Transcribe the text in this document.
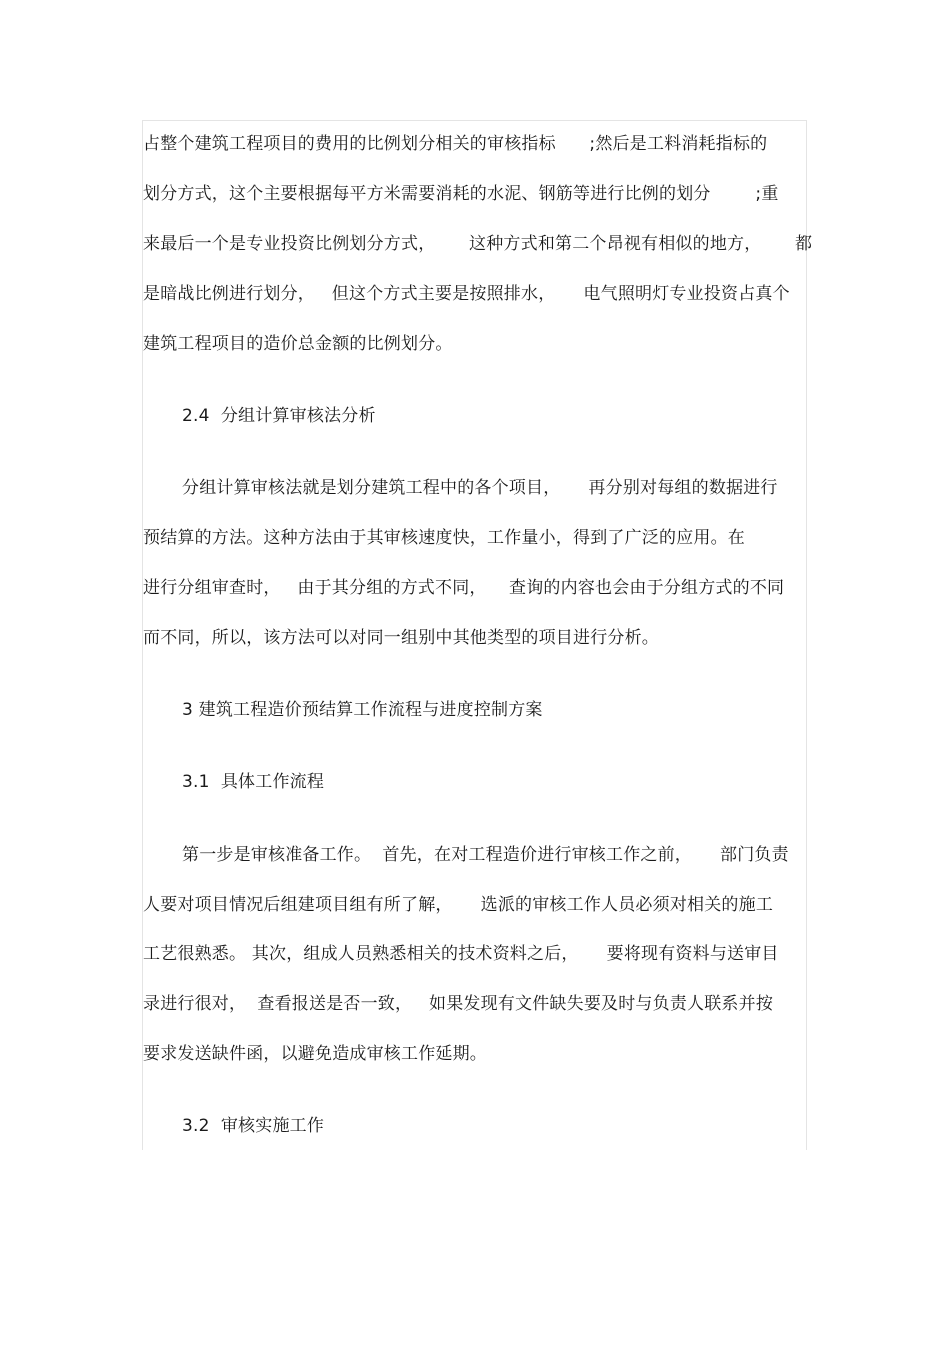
占整个建筑工程项目的费用的比例划分相关的审核指标      ;然后是工料消耗指标的
划分方式，这个主要根据每平方米需要消耗的水泥、钢筋等进行比例的划分        ;重
来最后一个是专业投资比例划分方式，      这种方式和第二个昂视有相似的地方，      都
是暗战比例进行划分，   但这个方式主要是按照排水，     电气照明灯专业投资占真个
建筑工程项目的造价总金额的比例划分。
2.4  分组计算审核法分析
分组计算审核法就是划分建筑工程中的各个项目，     再分别对每组的数据进行
预结算的方法。这种方法由于其审核速度快，工作量小，得到了广泛的应用。在
进行分组审查时，   由于其分组的方式不同，    查询的内容也会由于分组方式的不同
而不同，所以，该方法可以对同一组别中其他类型的项目进行分析。
3 建筑工程造价预结算工作流程与进度控制方案
3.1  具体工作流程
第一步是审核准备工作。  首先，在对工程造价进行审核工作之前，     部门负责
人要对项目情况后组建项目组有所了解，     选派的审核工作人员必须对相关的施工
工艺很熟悉。 其次，组成人员熟悉相关的技术资料之后，     要将现有资料与送审目
录进行很对，  查看报送是否一致，   如果发现有文件缺失要及时与负责人联系并按
要求发送缺件函，以避免造成审核工作延期。
3.2  审核实施工作
